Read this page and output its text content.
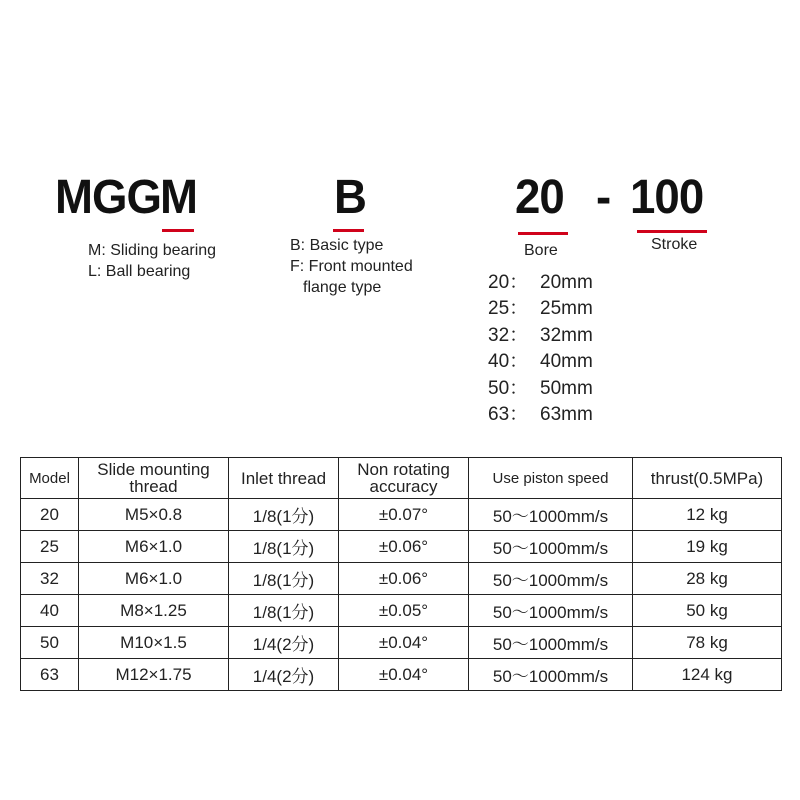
MGG
M	B	20 - 100
M: Sliding bearing
L: Ball bearing
B: Basic type
F: Front mounted
flange type
Bore	Stroke
20： 20mm
25： 25mm
32： 32mm
40： 40mm
50： 50mm
63： 63mm
Model	Slide mounting thread	Inlet thread	Non rotating accuracy	Use piston speed	thrust(0.5MPa)
20	M5×0.8	1/8(1分)	±0.07°	50〜1000mm/s	12 kg
25	M6×1.0	1/8(1分)	±0.06°	50〜1000mm/s	19 kg
32	M6×1.0	1/8(1分)	±0.06°	50〜1000mm/s	28 kg
40	M8×1.25	1/8(1分)	±0.05°	50〜1000mm/s	50 kg
50	M10×1.5	1/4(2分)	±0.04°	50〜1000mm/s	78 kg
63	M12×1.75	1/4(2分)	±0.04°	50〜1000mm/s	124 kg
